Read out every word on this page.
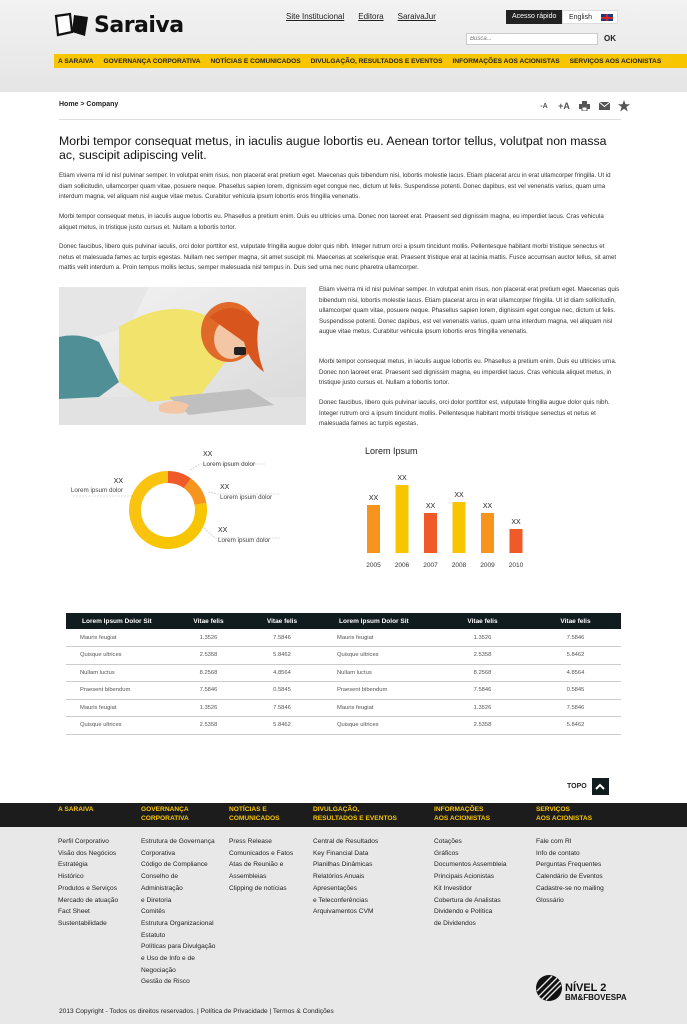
Saraiva	Site Institucional Editora SaraivaJur	Acesso rápido	English
Busca...
OK
A SARAIVA GOVERNANÇA CORPORATIVA NOTÍCIAS E COMUNICADOS DIVULGAÇÃO, RESULTADOS E EVENTOS INFORMAÇÕES AOS ACIONISTAS SERVIÇOS AOS ACIONISTAS
Home > Company	-A +A
Morbi tempor consequat metus, in iaculis augue lobortis eu. Aenean tortor tellus, volutpat non massa ac, suscipit adipiscing velit.

Etiam viverra mi id nisl pulvinar semper. In volutpat enim risus, non placerat erat pretium eget. Maecenas quis bibendum nisi, lobortis molestie lacus. Etiam placerat arcu in erat ullamcorper fringilla. Ut id diam sollicitudin, ullamcorper quam vitae, posuere neque. Phasellus sapien lorem, dignissim eget congue nec, dictum ut felis. Suspendisse potenti. Donec dapibus, est vel venenatis varius, quam urna interdum magna, vel aliquam nisl augue vitae metus. Curabitur vehicula ipsum lobortis eros fringilla venenatis.

Morbi tempor consequat metus, in iaculis augue lobortis eu. Phasellus a pretium enim. Duis eu ultricies urna. Donec non laoreet erat. Praesent sed dignissim magna, eu imperdiet lacus. Cras vehicula aliquet metus, in tristique justo cursus et. Nullam a lobortis tortor.

Donec faucibus, libero quis pulvinar iaculis, orci dolor porttitor est, vulputate fringilla augue dolor quis nibh. Integer rutrum orci a ipsum tincidunt mollis. Pellentesque habitant morbi tristique senectus et netus et malesuada fames ac turpis egestas. Nullam nec semper magna, sit amet suscipit mi. Maecenas at scelerisque erat. Praesent tristique erat at lacinia mattis. Fusce accumsan auctor tellus, sit amet mattis velit interdum a. Proin tempus mollis lectus, semper malesuada nisl tempus in. Duis sed urna nec nunc pharetra ullamcorper.

Etiam viverra mi id nisl pulvinar semper. In volutpat enim risus, non placerat erat pretium eget. Maecenas quis bibendum nisi, lobortis molestie lacus. Etiam placerat arcu in erat ullamcorper fringilla. Ut id diam sollicitudin, ullamcorper quam vitae, posuere neque. Phasellus sapien lorem, dignissim eget congue nec, dictum ut felis. Suspendisse potenti. Donec dapibus, est vel venenatis varius, quam urna interdum magna, vel aliquam nisl augue vitae metus. Curabitur vehicula ipsum lobortis eros fringilla venenatis.

Morbi tempor consequat metus, in iaculis augue lobortis eu. Phasellus a pretium enim. Duis eu ultricies urna. Donec non laoreet erat. Praesent sed dignissim magna, eu imperdiet lacus. Cras vehicula aliquet metus, in tristique justo cursus et. Nullam a lobortis tortor.

Donec faucibus, libero quis pulvinar iaculis, orci dolor porttitor est, vulputate fringilla augue dolor quis nibh. Integer rutrum orci a ipsum tincidunt mollis. Pellentesque habitant morbi tristique senectus et netus et malesuada fames ac turpis egestas.

XX
Lorem ipsum dolor
XX
Lorem ipsum dolor
XX
Lorem ipsum dolor
XX
Lorem ipsum dolor
Lorem Ipsum
XX
2005
XX
2006
XX
2007
XX
2008
XX
2009
XX
2010
Lorem Ipsum Dolor Sit	Vitae felis	Vitae felis	Lorem Ipsum Dolor Sit	Vitae felis	Vitae felis
Mauris feugiat	1.3526	7.5846	Mauris feugiat	1.3526	7.5846
Quisque ultrices	2.5358	5.8462	Quisque ultrices	2.5358	5.8462
Nullam luctus	8.2568	4.8564	Nullam luctus	8.2568	4.8564
Praesent bibendum	7.5846	0.5845	Praesent bibendum	7.5846	0.5845
Mauris feugiat	1.3526	7.5846	Mauris feugiat	1.3526	7.5846
Quisque ultrices	2.5358	5.8462	Quisque ultrices	2.5358	5.8462
TOPO
A SARAIVA
Perfil Corporativo
Visão dos Negócios
Estratégia
Histórico
Produtos e Serviços
Mercado de atuação
Fact Sheet
Sustentabilidade
GOVERNANÇA
CORPORATIVA
Estrutura de Governança
Corporativa
Código de Compliance
Conselho de
Administração
e Diretoria
Comitês
Estrutura Organizacional
Estatuto
Políticas para Divulgação
e Uso de Info e de
Negociação
Gestão de Risco
NOTÍCIAS E
COMUNICADOS
Press Release
Comunicados e Fatos
Atas de Reunião e
Assembleias
Clipping de notícias
DIVULGAÇÃO,
RESULTADOS E EVENTOS
Central de Resultados
Key Financial Data
Planilhas Dinâmicas
Relatórios Anuais
Apresentações
e Teleconferências
Arquivamentos CVM
INFORMAÇÕES
AOS ACIONISTAS
Cotações
Gráficos
Documentos Assembleia
Principais Acionistas
Kit Investidor
Cobertura de Analistas
Dividendo e Política
de Dividendos
SERVIÇOS
AOS ACIONISTAS
Fale com RI
Info de contato
Perguntas Frequentes
Calendário de Eventos
Cadastre-se no mailing
Glossário
2013 Copyright - Todos os direitos reservados. | Política de Privacidade | Termos & Condições
NÍVEL 2
BM&FBOVESPA
